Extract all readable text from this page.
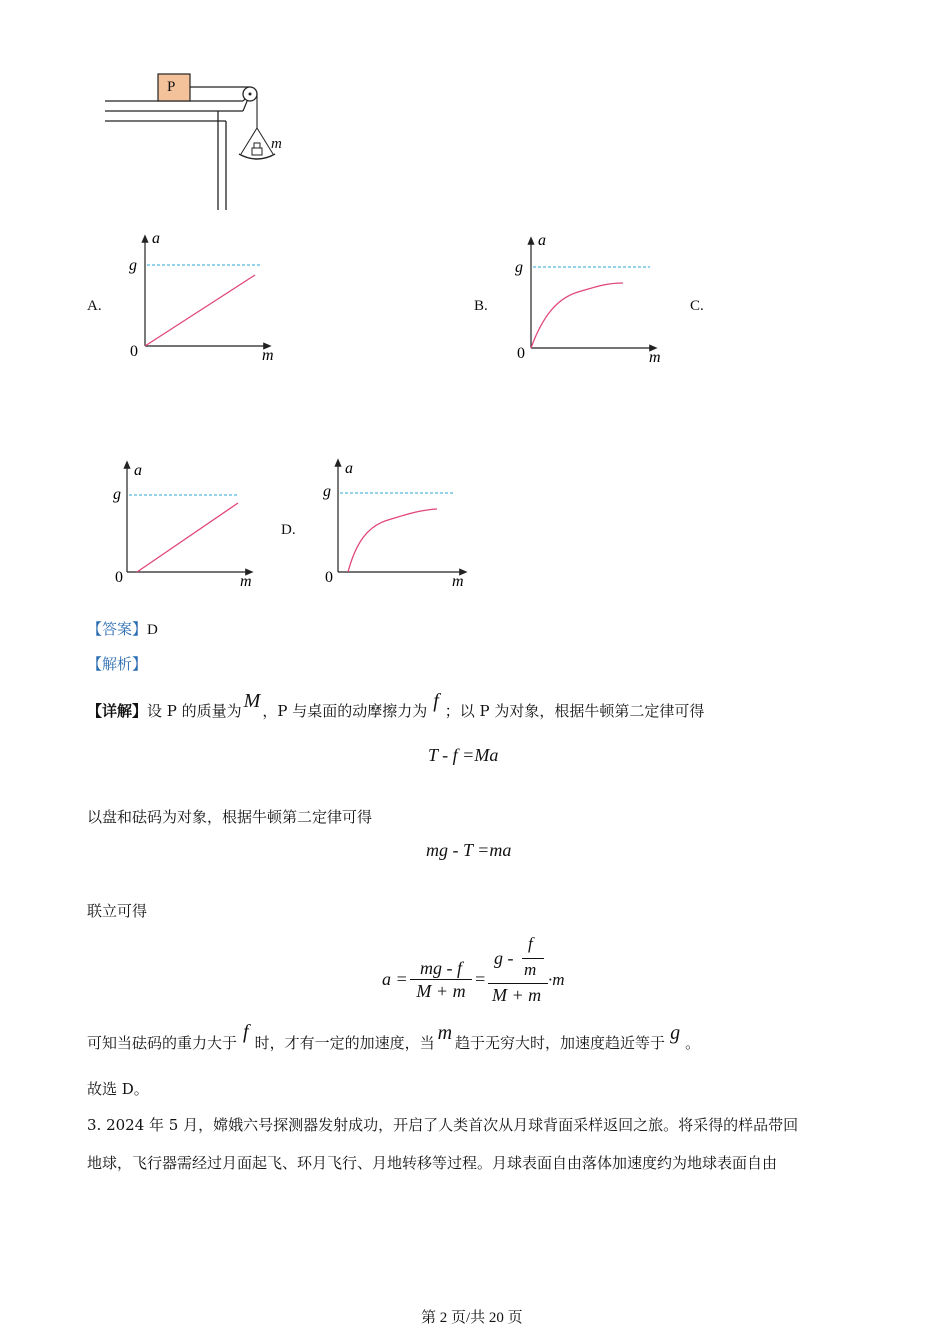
P
m
A.	B.	C.
D.
a
g
0	m
a
g
0	m
a
g
0	m
a
g
0	m
【答案】D
【解析】
【详解】设 P 的质量为 M ，P 与桌面的动摩擦力为 f ；以 P 为对象，根据牛顿第二定律可得
T - f =Ma
以盘和砝码为对象，根据牛顿第二定律可得
mg - T =ma
联立可得
a =
mg - f
M + m
=
g -
f
m
M + m
·m
可知当砝码的重力大于 f 时，才有一定的加速度，当 m 趋于无穷大时，加速度趋近等于 g 。
故选 D。
3. 2024 年 5 月，嫦娥六号探测器发射成功，开启了人类首次从月球背面采样返回之旅。将采得的样品带回
地球，飞行器需经过月面起飞、环月飞行、月地转移等过程。月球表面自由落体加速度约为地球表面自由
第 2 页/共 20 页
